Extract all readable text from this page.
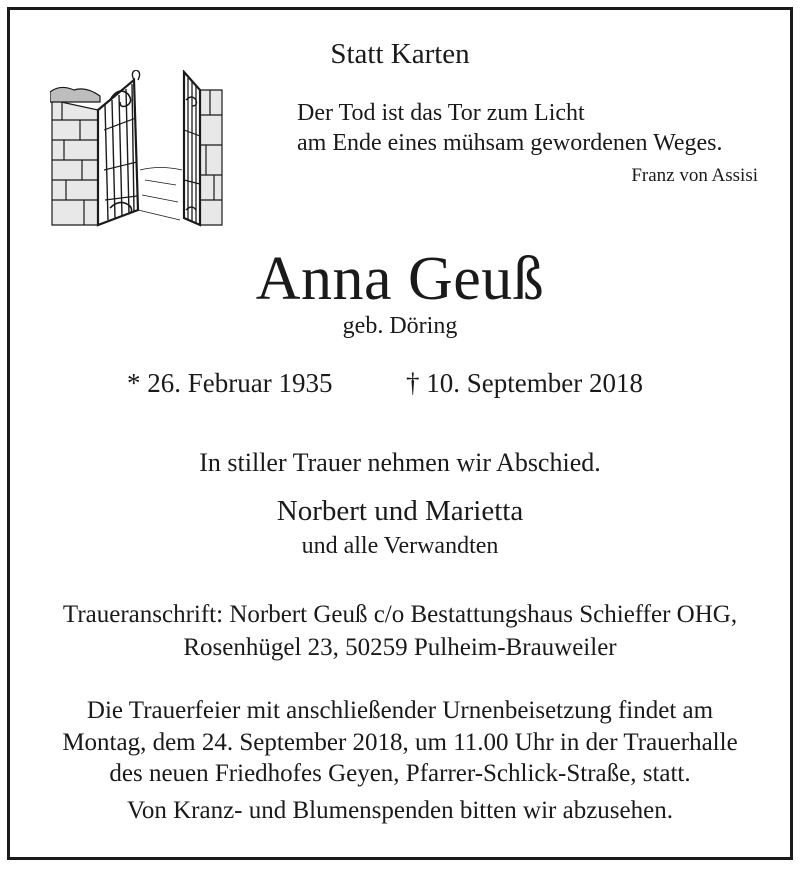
Statt Karten
Der Tod ist das Tor zum Licht
am Ende eines mühsam gewordenen Weges.
Franz von Assisi
Anna Geuß
geb. Döring
* 26. Februar 1935	† 10. September 2018
In stiller Trauer nehmen wir Abschied.
Norbert und Marietta
und alle Verwandten
Traueranschrift: Norbert Geuß c/o Bestattungshaus Schieffer OHG,
Rosenhügel 23, 50259 Pulheim-Brauweiler
Die Trauerfeier mit anschließender Urnenbeisetzung findet am
Montag, dem 24. September 2018, um 11.00 Uhr in der Trauerhalle
des neuen Friedhofes Geyen, Pfarrer-Schlick-Straße, statt.
Von Kranz- und Blumenspenden bitten wir abzusehen.
